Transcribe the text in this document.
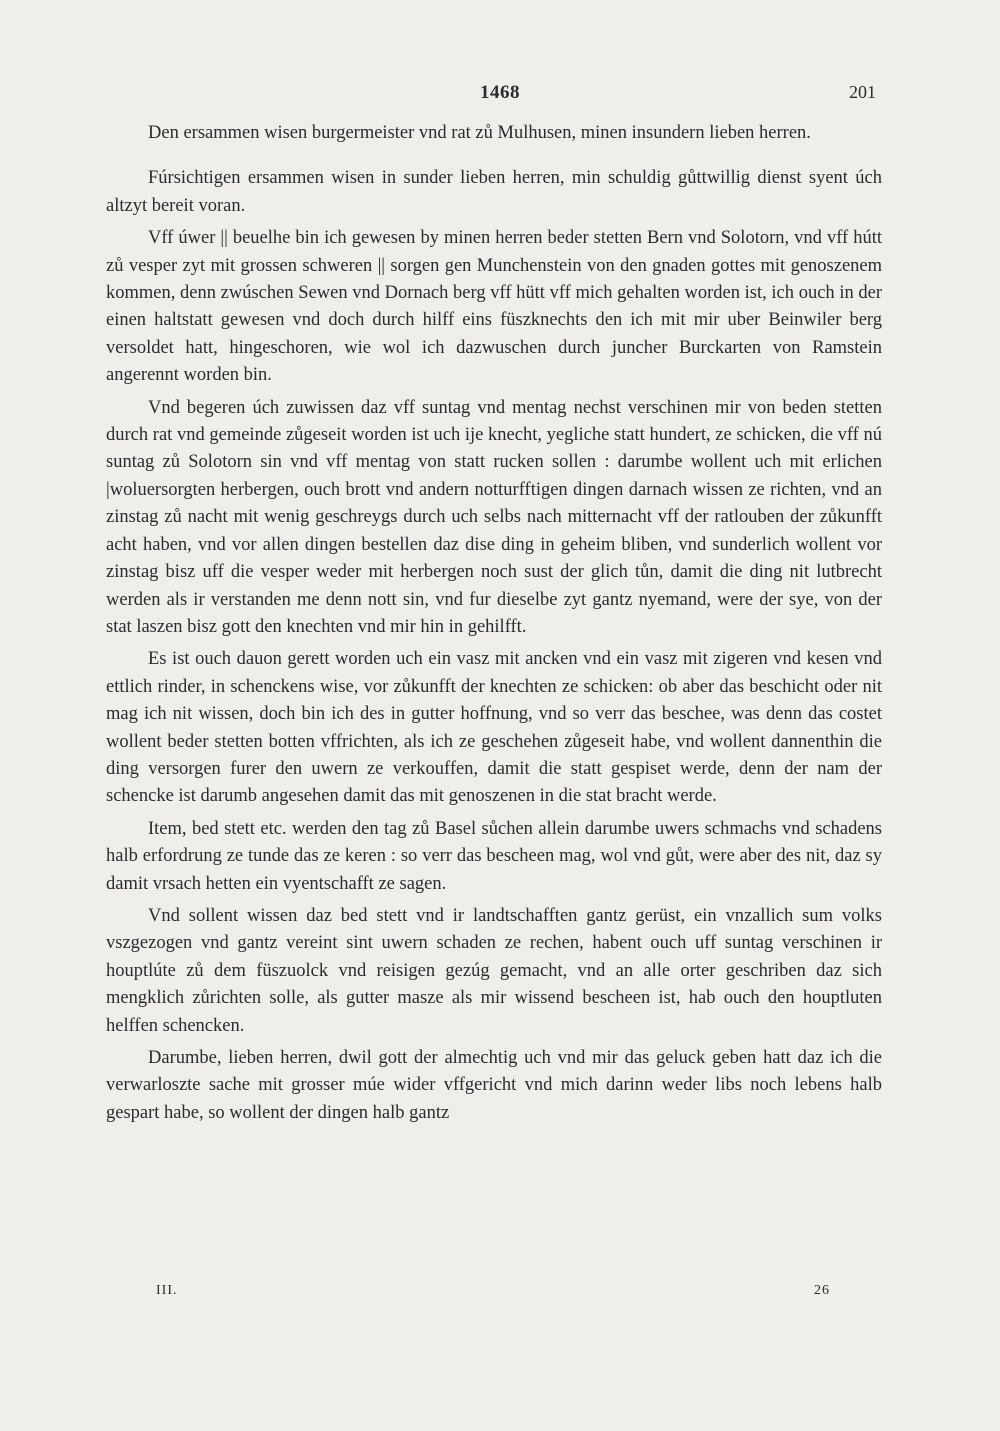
1468	201

Den ersammen wisen burgermeister vnd rat zů Mulhusen, minen insundern lieben herren.

Fúrsichtigen ersammen wisen in sunder lieben herren, min schuldig gůttwillig dienst syent úch altzyt bereit voran.

Vff úwer || beuelhe bin ich gewesen by minen herren beder stetten Bern vnd Solotorn, vnd vff hútt zů vesper zyt mit grossen schweren || sorgen gen Munchenstein von den gnaden gottes mit genoszenem kommen, denn zwúschen Sewen vnd Dornach berg vff hütt vff mich gehalten worden ist, ich ouch in der einen haltstatt gewesen vnd doch durch hilff eins füszknechts den ich mit mir uber Beinwiler berg versoldet hatt, hingeschoren, wie wol ich dazwuschen durch juncher Burckarten von Ramstein angerennt worden bin.

Vnd begeren úch zuwissen daz vff suntag vnd mentag nechst verschinen mir von beden stetten durch rat vnd gemeinde zůgeseit worden ist uch ije knecht, yegliche statt hundert, ze schicken, die vff nú suntag zů Solotorn sin vnd vff mentag von statt rucken sollen : darumbe wollent uch mit erlichen |woluersorgten herbergen, ouch brott vnd andern notturfftigen dingen darnach wissen ze richten, vnd an zinstag zů nacht mit wenig geschreygs durch uch selbs nach mitternacht vff der ratlouben der zůkunfft acht haben, vnd vor allen dingen bestellen daz dise ding in geheim bliben, vnd sunderlich wollent vor zinstag bisz uff die vesper weder mit herbergen noch sust der glich tůn, damit die ding nit lutbrecht werden als ir verstanden me denn nott sin, vnd fur dieselbe zyt gantz nyemand, were der sye, von der stat laszen bisz gott den knechten vnd mir hin in gehilfft.

Es ist ouch dauon gerett worden uch ein vasz mit ancken vnd ein vasz mit zigeren vnd kesen vnd ettlich rinder, in schenckens wise, vor zůkunfft der knechten ze schicken: ob aber das beschicht oder nit mag ich nit wissen, doch bin ich des in gutter hoffnung, vnd so verr das beschee, was denn das costet wollent beder stetten botten vffrichten, als ich ze geschehen zůgeseit habe, vnd wollent dannenthin die ding versorgen furer den uwern ze verkouffen, damit die statt gespiset werde, denn der nam der schencke ist darumb angesehen damit das mit genoszenen in die stat bracht werde.

Item, bed stett etc. werden den tag zů Basel sůchen allein darumbe uwers schmachs vnd schadens halb erfordrung ze tunde das ze keren : so verr das bescheen mag, wol vnd gůt, were aber des nit, daz sy damit vrsach hetten ein vyentschafft ze sagen.

Vnd sollent wissen daz bed stett vnd ir landtschafften gantz gerüst, ein vnzallich sum volks vszgezogen vnd gantz vereint sint uwern schaden ze rechen, habent ouch uff suntag verschinen ir houptlúte zů dem füszuolck vnd reisigen gezúg gemacht, vnd an alle orter geschriben daz sich mengklich zůrichten solle, als gutter masze als mir wissend bescheen ist, hab ouch den houptluten helffen schencken.

Darumbe, lieben herren, dwil gott der almechtig uch vnd mir das geluck geben hatt daz ich die verwarloszte sache mit grosser múe wider vffgericht vnd mich darinn weder libs noch lebens halb gespart habe, so wollent der dingen halb gantz

III.	26
